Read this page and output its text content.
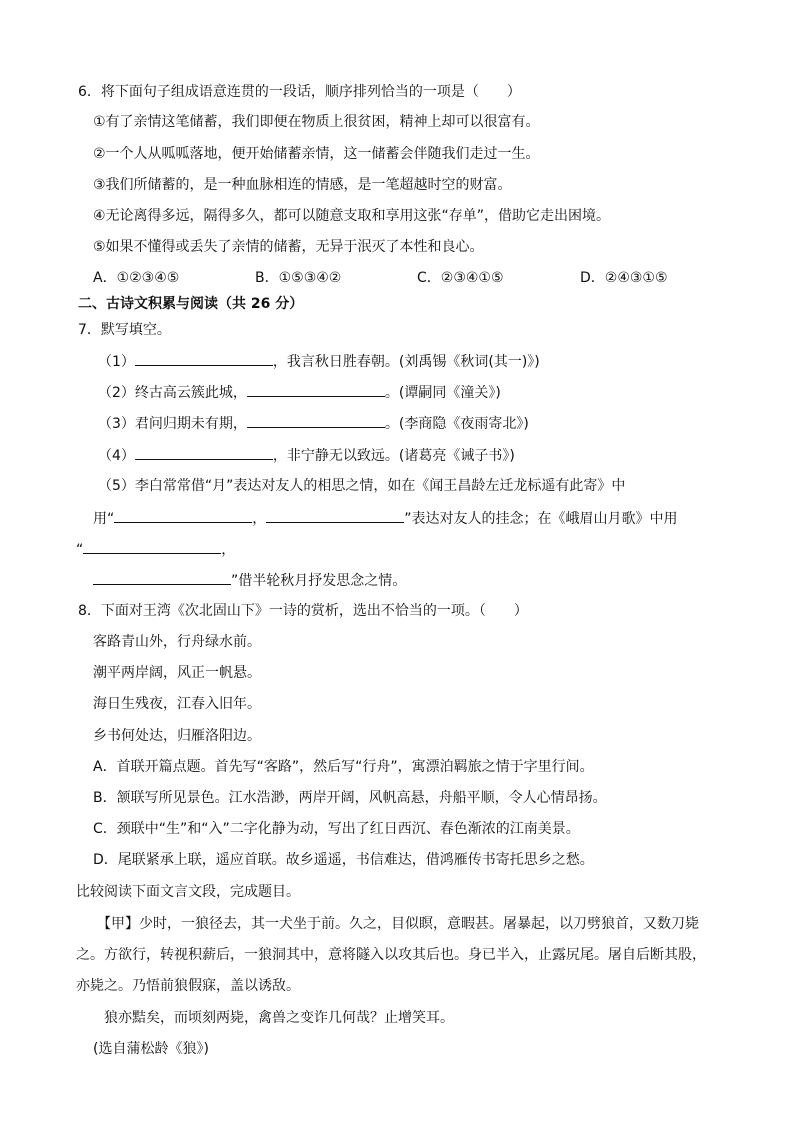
6．将下面句子组成语意连贯的一段话，顺序排列恰当的一项是（　　）
①有了亲情这笔储蓄，我们即便在物质上很贫困，精神上却可以很富有。
②一个人从呱呱落地，便开始储蓄亲情，这一储蓄会伴随我们走过一生。
③我们所储蓄的，是一种血脉相连的情感，是一笔超越时空的财富。
④无论离得多远，隔得多久，都可以随意支取和享用这张“存单”，借助它走出困境。
⑤如果不懂得或丢失了亲情的储蓄，无异于泯灭了本性和良心。
A．①②③④⑤	B．①⑤③④②	C．②③④①⑤	D．②④③①⑤
二、古诗文积累与阅读（共 26 分）
7．默写填空。
（1）	，我言秋日胜春朝。(刘禹锡《秋词(其一)》)
（2）终古高云簇此城，	。(谭嗣同《潼关》)
（3）君问归期未有期，	。(李商隐《夜雨寄北》)
（4）	，非宁静无以致远。(诸葛亮《诫子书》)
（5）李白常常借“月”表达对友人的相思之情，如在《闻王昌龄左迁龙标遥有此寄》中
用“	，	”表达对友人的挂念；在《峨眉山月歌》中用
“	，
”借半轮秋月抒发思念之情。
8．下面对王湾《次北固山下》一诗的赏析，选出不恰当的一项。（　　）
客路青山外，行舟绿水前。
潮平两岸阔，风正一帆悬。
海日生残夜，江春入旧年。
乡书何处达，归雁洛阳边。
A．首联开篇点题。首先写“客路”，然后写“行舟”，寓漂泊羁旅之情于字里行间。
B．颔联写所见景色。江水浩渺，两岸开阔，风帆高悬，舟船平顺，令人心情昂扬。
C．颈联中“生”和“入”二字化静为动，写出了红日西沉、春色渐浓的江南美景。
D．尾联紧承上联，遥应首联。故乡遥遥，书信难达，借鸿雁传书寄托思乡之愁。
比较阅读下面文言文段，完成题目。
【甲】少时，一狼径去，其一犬坐于前。久之，目似瞑，意暇甚。屠暴起，以刀劈狼首，又数刀毙
之。方欲行，转视积薪后，一狼洞其中，意将隧入以攻其后也。身已半入，止露尻尾。屠自后断其股，
亦毙之。乃悟前狼假寐，盖以诱敌。
狼亦黠矣，而顷刻两毙，禽兽之变诈几何哉？止增笑耳。
(选自蒲松龄《狼》)
